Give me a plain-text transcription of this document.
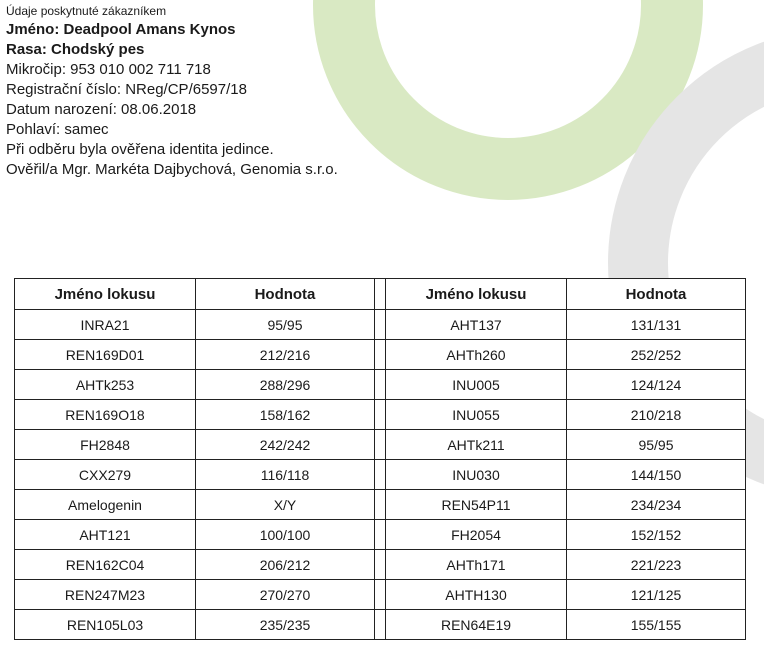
Údaje poskytnuté zákazníkem
Jméno: Deadpool Amans Kynos
Rasa: Chodský pes
Mikročip: 953 010 002 711 718
Registrační číslo: NReg/CP/6597/18
Datum narození: 08.06.2018
Pohlaví: samec
Při odběru byla ověřena identita jedince.
Ověřil/a Mgr. Markéta Dajbychová, Genomia s.r.o.
Jméno lokusu	Hodnota		Jméno lokusu	Hodnota
INRA21	95/95		AHT137	131/131
REN169D01	212/216		AHTh260	252/252
AHTk253	288/296		INU005	124/124
REN169O18	158/162		INU055	210/218
FH2848	242/242		AHTk211	95/95
CXX279	116/118		INU030	144/150
Amelogenin	X/Y		REN54P11	234/234
AHT121	100/100		FH2054	152/152
REN162C04	206/212		AHTh171	221/223
REN247M23	270/270		AHTH130	121/125
REN105L03	235/235		REN64E19	155/155
